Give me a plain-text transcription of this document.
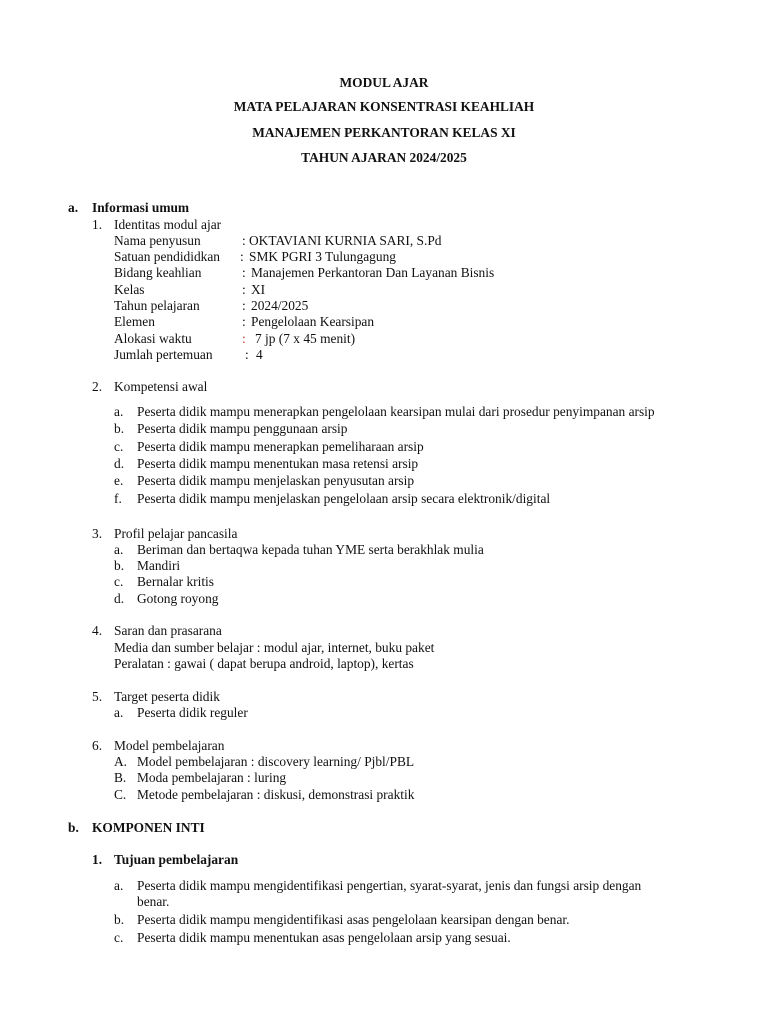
MODUL AJAR
MATA PELAJARAN KONSENTRASI KEAHLIAH
MANAJEMEN PERKANTORAN KELAS XI
TAHUN AJARAN 2024/2025
a. Informasi umum
1. Identitas modul ajar
Nama penyusun	: OKTAVIANI KURNIA SARI, S.Pd
Satuan pendididkan : SMK PGRI 3 Tulungagung
Bidang keahlian	: Manajemen Perkantoran Dan Layanan Bisnis
Kelas	: XI
Tahun pelajaran	: 2024/2025
Elemen	: Pengelolaan Kearsipan
Alokasi waktu	: 7 jp (7 x 45 menit)
Jumlah pertemuan : 4
2. Kompetensi awal
a. Peserta didik mampu menerapkan pengelolaan kearsipan mulai dari prosedur penyimpanan arsip
b. Peserta didik mampu penggunaan arsip
c. Peserta didik mampu menerapkan pemeliharaan arsip
d. Peserta didik mampu menentukan masa retensi arsip
e. Peserta didik mampu menjelaskan penyusutan arsip
f. Peserta didik mampu menjelaskan pengelolaan arsip secara elektronik/digital
3. Profil pelajar pancasila
a. Beriman dan bertaqwa kepada tuhan YME serta berakhlak mulia
b. Mandiri
c. Bernalar kritis
d. Gotong royong
4. Saran dan prasarana
Media dan sumber belajar : modul ajar, internet, buku paket
Peralatan : gawai ( dapat berupa android, laptop), kertas
5. Target peserta didik
a. Peserta didik reguler
6. Model pembelajaran
A. Model pembelajaran : discovery learning/ Pjbl/PBL
B. Moda pembelajaran : luring
C. Metode pembelajaran : diskusi, demonstrasi praktik
b. KOMPONEN INTI
1. Tujuan pembelajaran
a. Peserta didik mampu mengidentifikasi pengertian, syarat-syarat, jenis dan fungsi arsip dengan
benar.
b. Peserta didik mampu mengidentifikasi asas pengelolaan kearsipan dengan benar.
c. Peserta didik mampu menentukan asas pengelolaan arsip yang sesuai.
